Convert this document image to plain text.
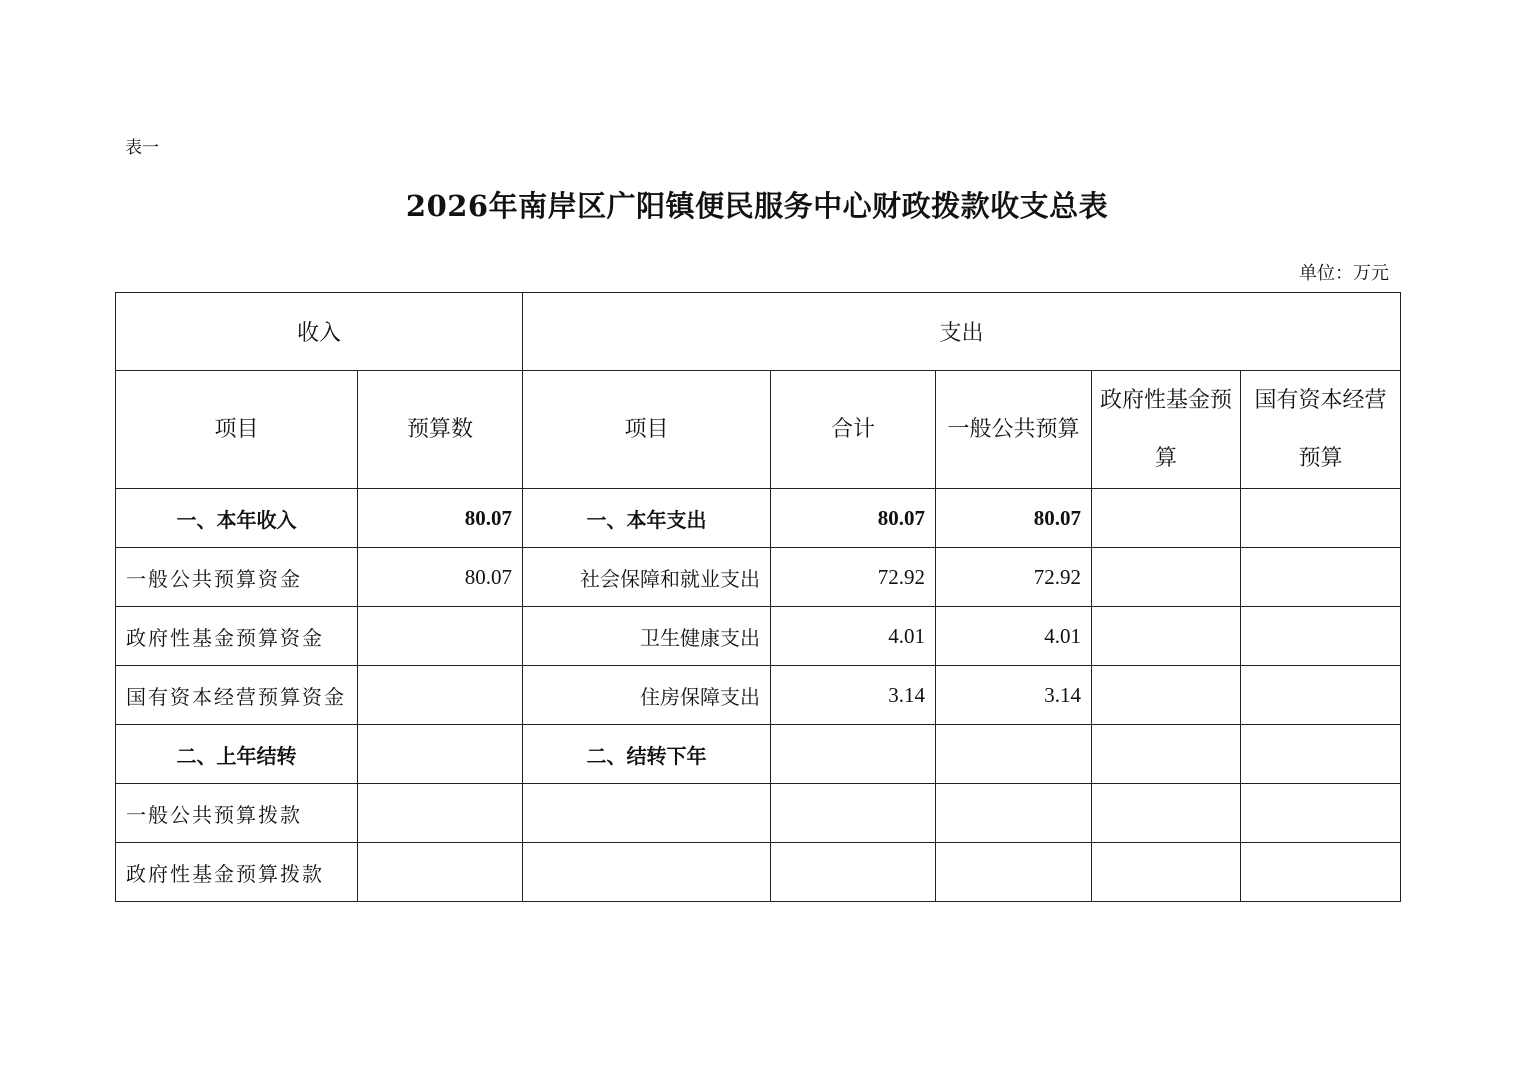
表一
2026年南岸区广阳镇便民服务中心财政拨款收支总表
单位：万元
收入		支出				
项目	预算数	项目	合计	一般公共预算	政府性基金预算	国有资本经营预算
一、本年收入	80.07	一、本年支出	80.07	80.07		
一般公共预算资金	80.07	社会保障和就业支出	72.92	72.92		
政府性基金预算资金		卫生健康支出	4.01	4.01		
国有资本经营预算资金		住房保障支出	3.14	3.14		
二、上年结转		二、结转下年				
一般公共预算拨款						
政府性基金预算拨款						
